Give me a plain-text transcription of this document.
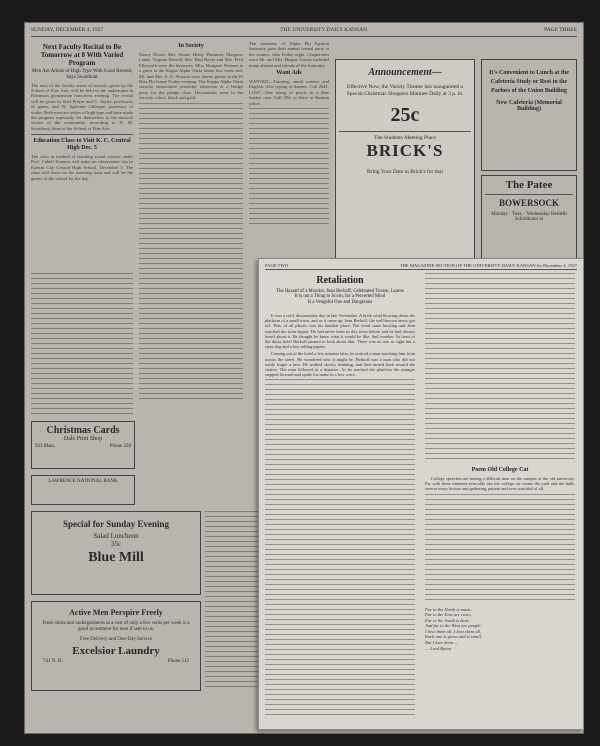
SUNDAY, DECEMBER 4, 1927	THE UNIVERSITY DAILY KANSAN	PAGE THREE
Next Faculty Recital to Be Tomorrow at 8 With Varied Program
Men Are Artists of High Type With Good Record, Says Swarthout

The next of the faculty series of recitals, given by the School of Fine Arts, will be held in the auditorium in Robinson gymnasium tomorrow evening. The recital will be given by Karl Preyer and C. Taylor, professors of piano, and W. Egleston Gillespie, professor of violin. Both men are artists of high type and have made the program especially for themselves to the musical circles of the community, according to D. M. Swarthout, dean of the School of Fine Arts.

Education Class to Visit K. C. Central High Dec. 5

The class in method of teaching social science under Prof. Cabell Zimmer will make an observation trip to Kansas City Central High School, December 5. The class will leave on the morning train and will be the guests of the school for the day.

In Society

Nancy Dixon, Mrs. Stuart, Henry Plummer, Margaret Lamb, Virginia Dowell, Mrs. Paul Beyer and Mrs. Fred Ellsworth were the hostesses. Miss Margaret Weisner is a guest at the Kappa Alpha Theta house this week end. Mr. and Mrs. E. E. Slosson were dinner guests at the Pi Beta Phi house Friday evening. The Kappa Alpha Theta sorority entertained yesterday afternoon at a bridge party for the pledge class. Decorations were in the sorority colors, black and gold.

The members of Alpha Phi Epsilon fraternity gave their annual formal party at the country club Friday night. Chaperones were Mr. and Mrs. Hogan. Guests included many alumni and friends of the fraternity.

Want Ads

WANTED—Tutoring; small science and English. Also typing of themes. Call 2041. LOST—One string of pearls in a blue leather case. Call 394. or leave at Kansan office.

Announcement—
Effective Now, the Varsity Theater has inaugurated a Special Christmas Shoppers Matinee Daily at 3 p. m.
25c
The Students Meeting Place
BRICK'S
Bring Your Date to Brick's for that
It's Convenient to Lunch at the Cafeteria Study or Rest in the Parlors of the Union Building
New Cafeteria (Memorial Building)
The Patee
BOWERSOCK
Monday · Tues. · Wednesday Heidelb Schildkraut in
Christmas Cards
Dale Print Shop
933 Mass.	Phone 228
LAWRENCE NATIONAL BANK
Special for Sunday Evening
Salad Luncheon
35c
Blue Mill
Active Men Perspire Freely
Fresh shirts and undergarments at a cost of only a few cents per week is a good investment for men if sent to us.
Free Delivery and One-Day Service
Excelsior Laundry
741 N. H.	Phone 112
PAGE TWO	THE MAGAZINE SECTION OF THE UNIVERSITY DAILY KANSAN for December 4, 1927
Retaliation
The Hazard of a Monitor, Jean Berkoff, Celebrated Trouse, Learns
It is not a Thing to Scorn, for a Perverted Mind
Is a Vengeful One and Dangerous

It was a cold, disconsolate day in late November. A brisk wind blowing down the platform of a small town, and as it came up, Jean Berkoff, the well-known tenor, got off. This, of all places, was his familiar place. The wind came howling and Jean watched the train depart. He had never been in this town before and he had always heard about it. He thought he knew what it would be like. Sad weather. In front of the dusty hotel Berkoff paused to look about him. There was no one in sight but a stray dog and a boy selling papers.

Coming out of the hotel a few minutes later, he noticed a man watching him from across the street. He wondered who it might be. Berkoff was a man who did not easily forget a face. He walked slowly, thinking, and then turned back toward the station. The man followed at a distance. As he reached the platform the stranger stepped forward and spoke his name in a low voice.

Poem Old College Cat

College speeches are having a difficult time on the campus of the old university. Far with these nineteen-year-olds ties the college cat roams the yard and the halls, seen at every lecture and gathering, patient and ever watchful of all.

Far to the North is music,
Far to the East are cities,
Far to the South is heat;
And far to the West are people.
I love them all, I love them all,
Each one is given and is small.
But I love them —
— Lord Byron
